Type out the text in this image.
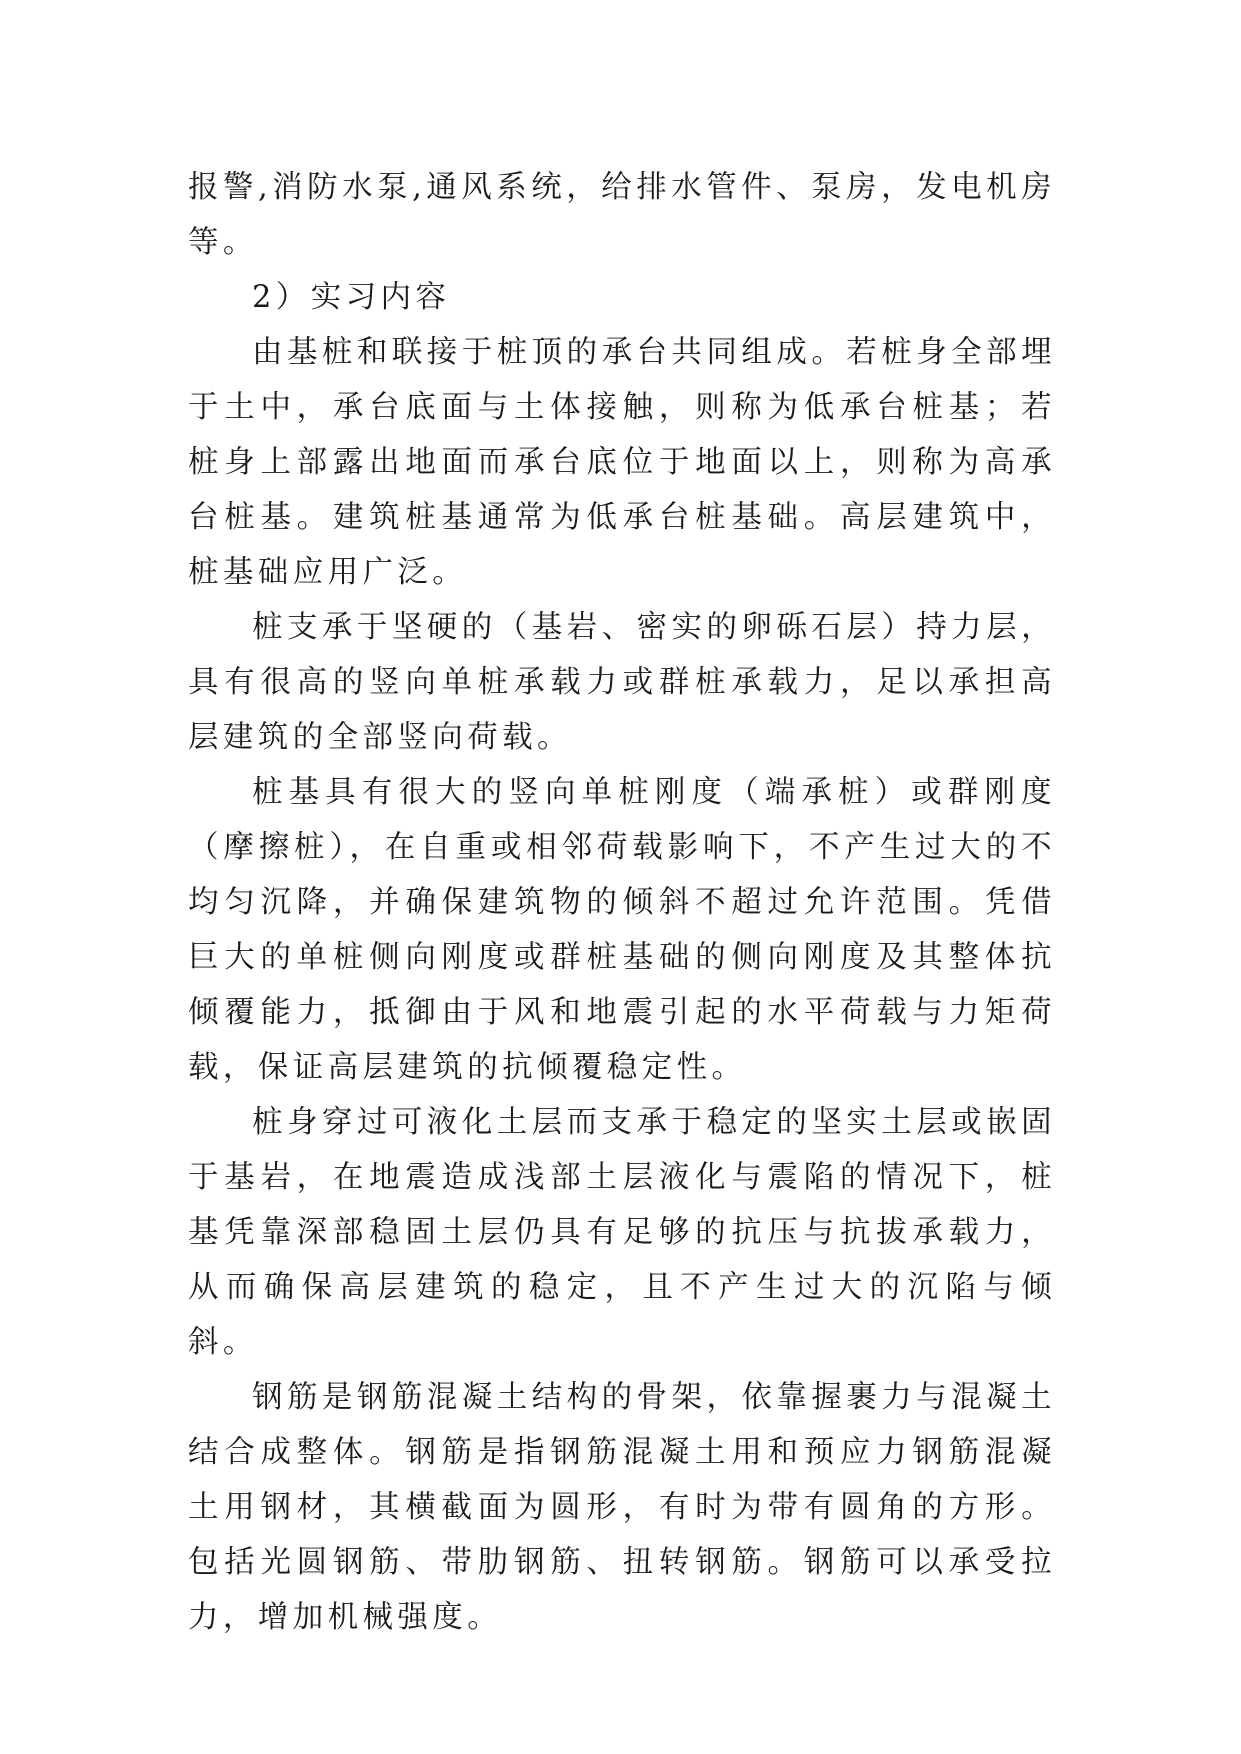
报警,消防水泵,通风系统，给排水管件、泵房，发电机房等。

2）实习内容

由基桩和联接于桩顶的承台共同组成。若桩身全部埋于土中，承台底面与土体接触，则称为低承台桩基；若桩身上部露出地面而承台底位于地面以上，则称为高承台桩基。建筑桩基通常为低承台桩基础。高层建筑中，桩基础应用广泛。

桩支承于坚硬的（基岩、密实的卵砾石层）持力层，具有很高的竖向单桩承载力或群桩承载力，足以承担高层建筑的全部竖向荷载。

桩基具有很大的竖向单桩刚度（端承桩）或群刚度（摩擦桩），在自重或相邻荷载影响下，不产生过大的不均匀沉降，并确保建筑物的倾斜不超过允许范围。凭借巨大的单桩侧向刚度或群桩基础的侧向刚度及其整体抗倾覆能力，抵御由于风和地震引起的水平荷载与力矩荷载，保证高层建筑的抗倾覆稳定性。

桩身穿过可液化土层而支承于稳定的坚实土层或嵌固于基岩，在地震造成浅部土层液化与震陷的情况下，桩基凭靠深部稳固土层仍具有足够的抗压与抗拔承载力，从而确保高层建筑的稳定，且不产生过大的沉陷与倾斜。

钢筋是钢筋混凝土结构的骨架，依靠握裹力与混凝土结合成整体。钢筋是指钢筋混凝土用和预应力钢筋混凝土用钢材，其横截面为圆形，有时为带有圆角的方形。包括光圆钢筋、带肋钢筋、扭转钢筋。钢筋可以承受拉力，增加机械强度。
